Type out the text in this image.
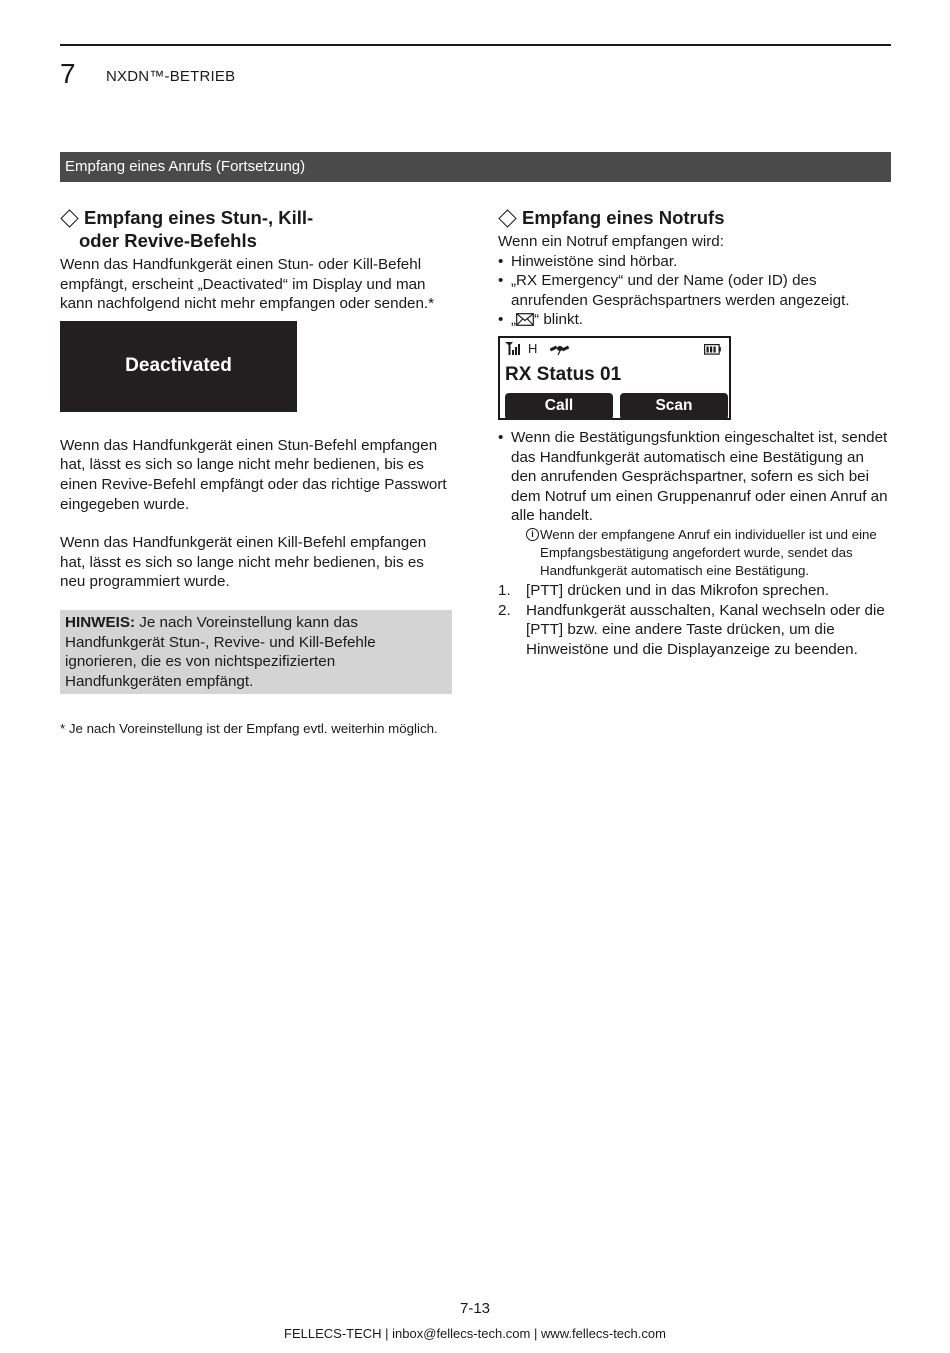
7 NXDN™-BETRIEB
Empfang eines Anrufs (Fortsetzung)
Empfang eines Stun-, Kill-
oder Revive-Befehls

Wenn das Handfunkgerät einen Stun- oder Kill-Befehl empfängt, erscheint „Deactivated“ im Display und man kann nachfolgend nicht mehr empfangen oder senden.*

Deactivated

Wenn das Handfunkgerät einen Stun-Befehl empfangen hat, lässt es sich so lange nicht mehr bedienen, bis es einen Revive-Befehl empfängt oder das richtige Passwort eingegeben wurde.

Wenn das Handfunkgerät einen Kill-Befehl empfangen hat, lässt es sich so lange nicht mehr bedienen, bis es neu programmiert wurde.

HINWEIS: Je nach Voreinstellung kann das Handfunkgerät Stun-, Revive- und Kill-Befehle ignorieren, die es von nichtspezifizierten Handfunkgeräten empfängt.
* Je nach Voreinstellung ist der Empfang evtl. weiterhin möglich.
Empfang eines Notrufs

Wenn ein Notruf empfangen wird:

• Hinweistöne sind hörbar.
• „RX Emergency“ und der Name (oder ID) des anrufenden Gesprächspartners werden angezeigt.
• „ “ blinkt.
H
RX Status 01
Call	Scan
• Wenn die Bestätigungsfunktion eingeschaltet ist, sendet das Handfunkgerät automatisch eine Bestätigung an den anrufenden Gesprächspartner, sofern es sich bei dem Notruf um einen Gruppenanruf oder einen Anruf an alle handelt.
i Wenn der empfangene Anruf ein individueller ist und eine Empfangsbestätigung angefordert wurde, sendet das Handfunkgerät automatisch eine Bestätigung.
1. [PTT] drücken und in das Mikrofon sprechen.
2. Handfunkgerät ausschalten, Kanal wechseln oder die [PTT] bzw. eine andere Taste drücken, um die Hinweistöne und die Displayanzeige zu beenden.
7-13
FELLECS-TECH | inbox@fellecs-tech.com | www.fellecs-tech.com
